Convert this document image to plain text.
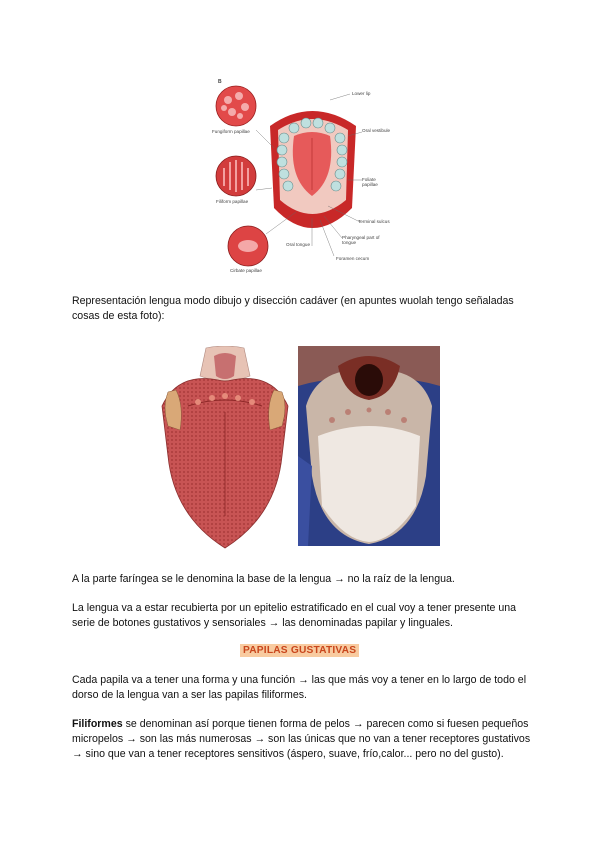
B
Fungiform papillae
Filiform papillae
Cirbate papillae
Lower lip
Oral vestibule
Foliate papillae
Terminal sulcus
Oral tongue
Pharyngeal part of tongue
Foramen cecum
Representación lengua modo dibujo y disección cadáver (en apuntes wuolah tengo señaladas cosas de esta foto):
A la parte faríngea se le denomina la base de la lengua → no la raíz de la lengua.
La lengua va a estar recubierta por un epitelio estratificado en el cual voy a tener presente una serie de botones gustativos y sensoriales → las denominadas papilar y linguales.
PAPILAS GUSTATIVAS
Cada papila va a tener una forma y una función → las que más voy a tener en lo largo de todo el dorso de la lengua van a ser las papilas filiformes.
Filiformes se denominan así porque tienen forma de pelos → parecen como si fuesen pequeños micropelos → son las más numerosas → son las únicas que no van a tener receptores gustativos → sino que van a tener receptores sensitivos (áspero, suave, frío,calor... pero no del gusto).
